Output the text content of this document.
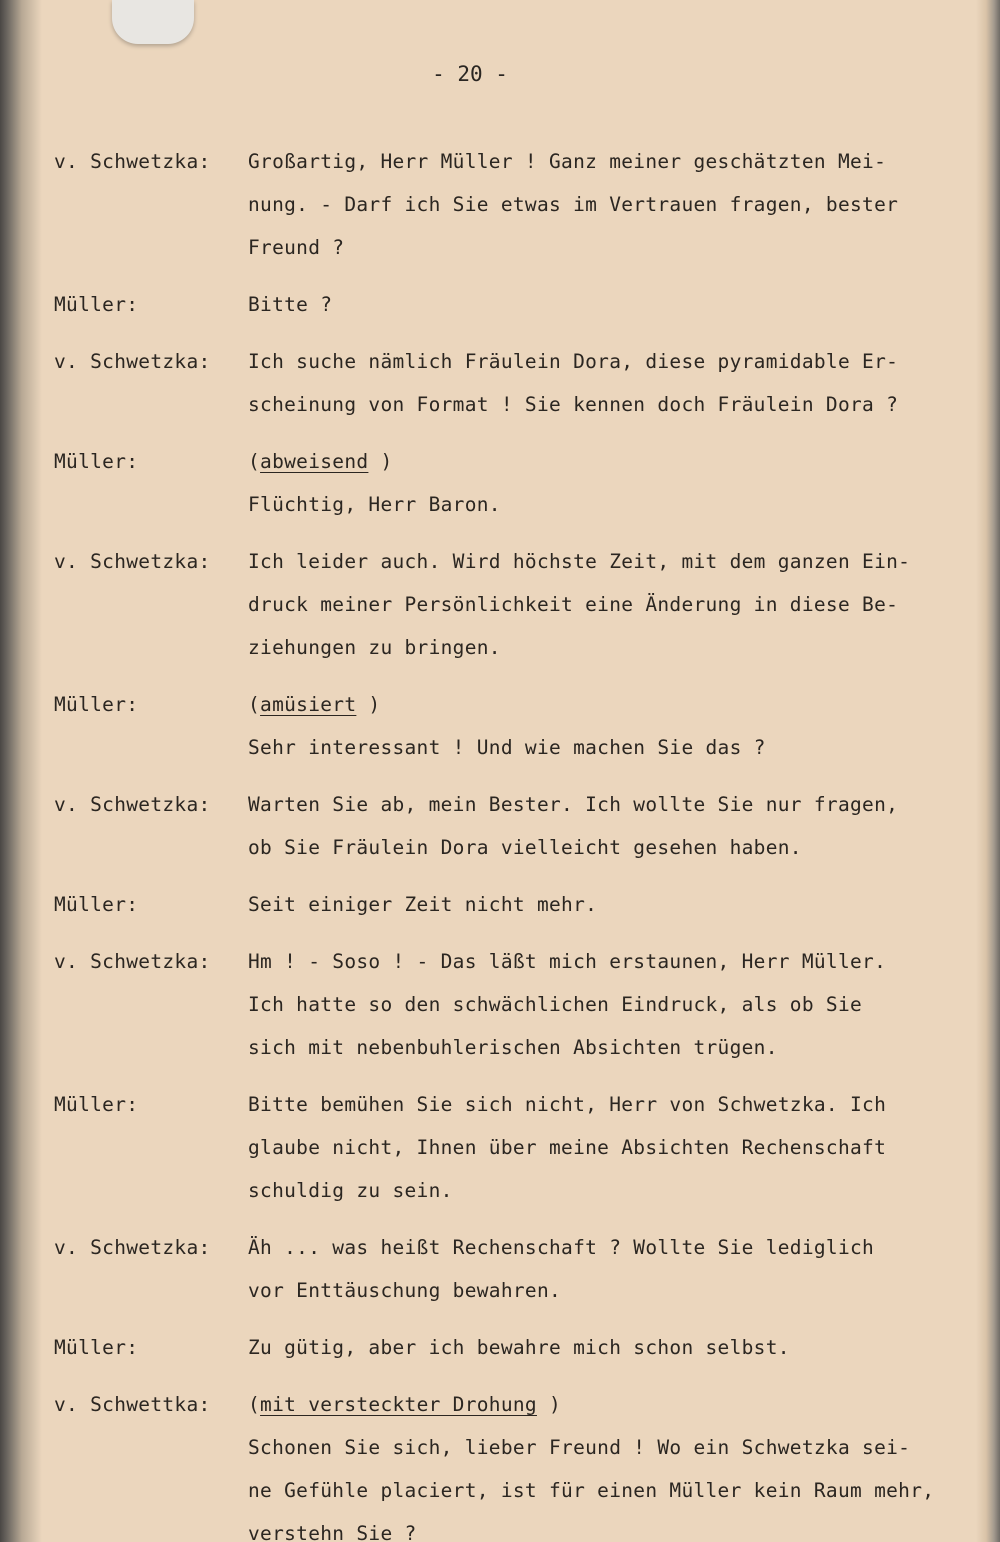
- 20 -
v. Schwetzka:	Großartig, Herr Müller ! Ganz meiner geschätzten Mei-
nung. - Darf ich Sie etwas im Vertrauen fragen, bester
Freund ?
Müller:	Bitte ?
v. Schwetzka:	Ich suche nämlich Fräulein Dora, diese pyramidable Er-
scheinung von Format ! Sie kennen doch Fräulein Dora ?
Müller:	(abweisend )
Flüchtig, Herr Baron.
v. Schwetzka:	Ich leider auch. Wird höchste Zeit, mit dem ganzen Ein-
druck meiner Persönlichkeit eine Änderung in diese Be-
ziehungen zu bringen.
Müller:	(amüsiert )
Sehr interessant ! Und wie machen Sie das ?
v. Schwetzka:	Warten Sie ab, mein Bester. Ich wollte Sie nur fragen,
ob Sie Fräulein Dora vielleicht gesehen haben.
Müller:	Seit einiger Zeit nicht mehr.
v. Schwetzka:	Hm ! - Soso ! - Das läßt mich erstaunen, Herr Müller.
Ich hatte so den schwächlichen Eindruck, als ob Sie
sich mit nebenbuhlerischen Absichten trügen.
Müller:	Bitte bemühen Sie sich nicht, Herr von Schwetzka. Ich
glaube nicht, Ihnen über meine Absichten Rechenschaft
schuldig zu sein.
v. Schwetzka:	Äh ... was heißt Rechenschaft ? Wollte Sie lediglich
vor Enttäuschung bewahren.
Müller:	Zu gütig, aber ich bewahre mich schon selbst.
v. Schwettka:	(mit versteckter Drohung )
Schonen Sie sich, lieber Freund ! Wo ein Schwetzka sei-
ne Gefühle placiert, ist für einen Müller kein Raum mehr,
verstehn Sie ?
